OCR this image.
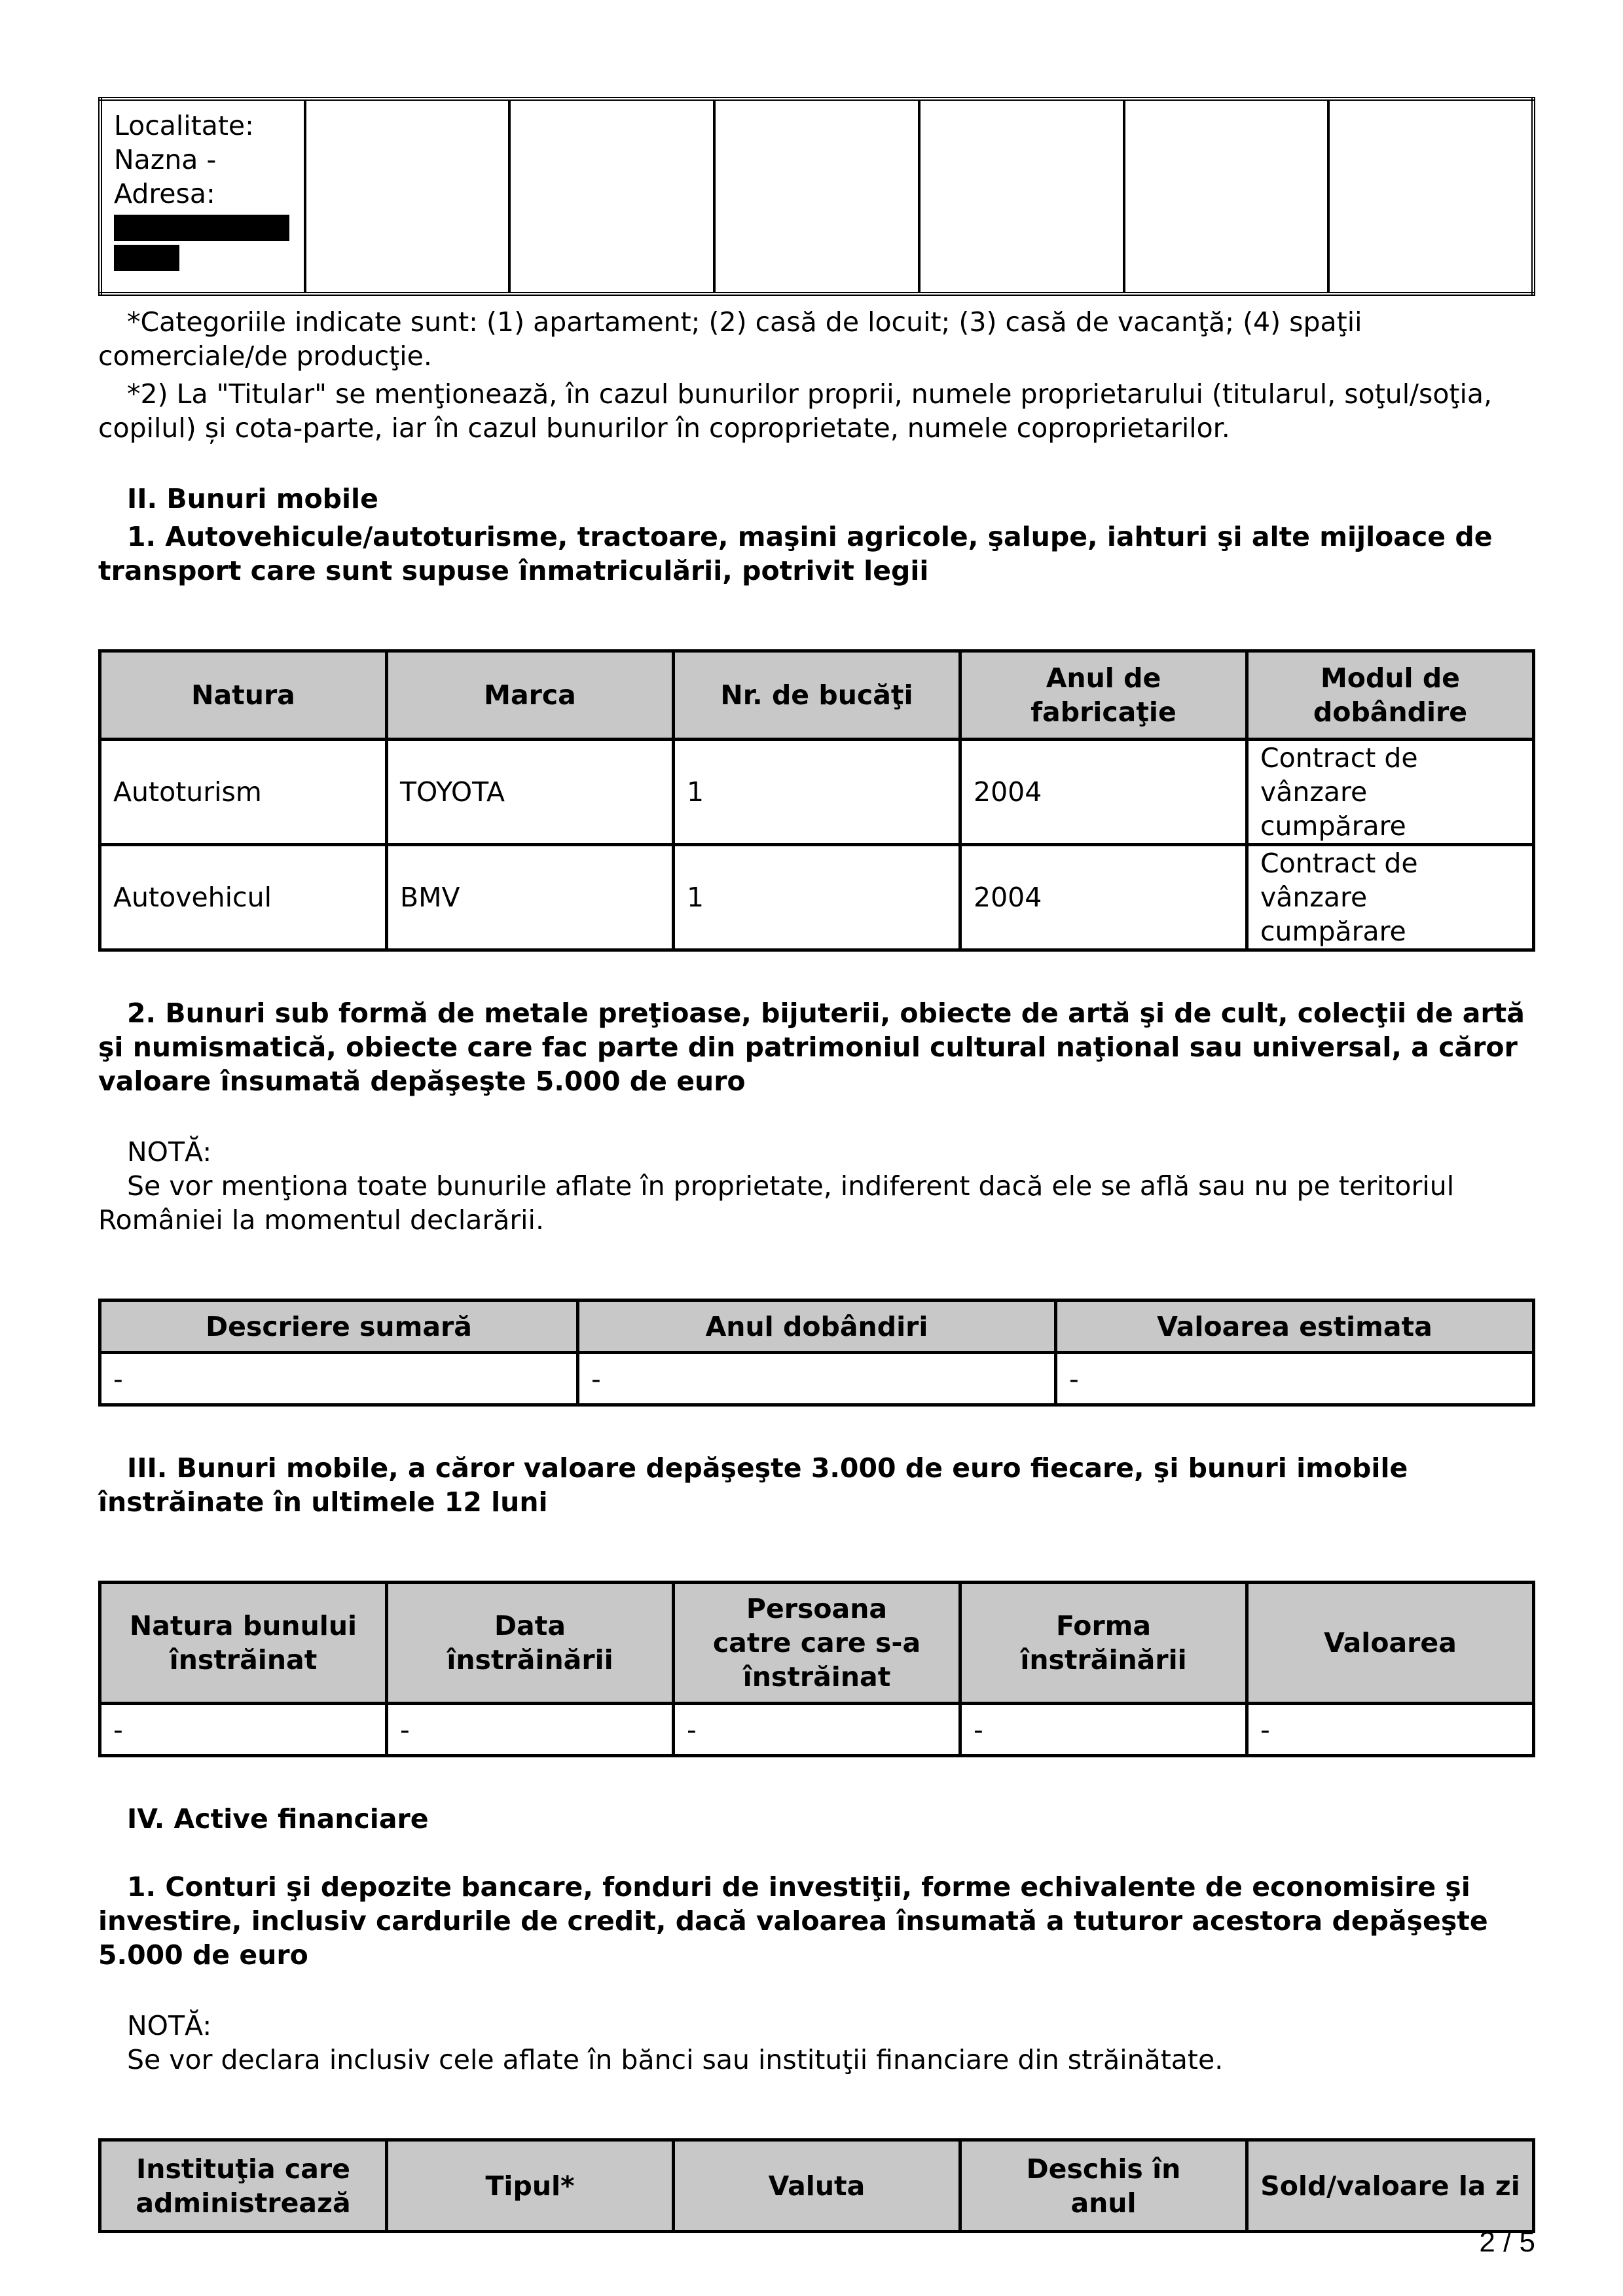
Localitate:
Nazna -
Adresa:

*Categoriile indicate sunt: (1) apartament; (2) casă de locuit; (3) casă de vacanţă; (4) spaţii comerciale/de producţie.

*2) La "Titular" se menţionează, în cazul bunurilor proprii, numele proprietarului (titularul, soţul/soţia, copilul) și cota-parte, iar în cazul bunurilor în coproprietate, numele coproprietarilor.

II. Bunuri mobile

1. Autovehicule/autoturisme, tractoare, maşini agricole, şalupe, iahturi şi alte mijloace de transport care sunt supuse înmatriculării, potrivit legii

Natura	Marca	Nr. de bucăţi	Anul de fabricaţie	Modul de dobândire
Autoturism	TOYOTA	1	2004	Contract de vânzare cumpărare
Autovehicul	BMV	1	2004	Contract de vânzare cumpărare

2. Bunuri sub formă de metale preţioase, bijuterii, obiecte de artă şi de cult, colecţii de artă şi numismatică, obiecte care fac parte din patrimoniul cultural naţional sau universal, a căror valoare însumată depăşeşte 5.000 de euro

NOTĂ:

Se vor menţiona toate bunurile aflate în proprietate, indiferent dacă ele se află sau nu pe teritoriul României la momentul declarării.

Descriere sumară	Anul dobândiri	Valoarea estimata
-	-	-

III. Bunuri mobile, a căror valoare depăşeşte 3.000 de euro fiecare, şi bunuri imobile înstrăinate în ultimele 12 luni

Natura bunului înstrăinat	Data înstrăinării	Persoana catre care s-a înstrăinat	Forma înstrăinării	Valoarea
-	-	-	-	-

IV. Active financiare

1. Conturi şi depozite bancare, fonduri de investiţii, forme echivalente de economisire şi investire, inclusiv cardurile de credit, dacă valoarea însumată a tuturor acestora depăşeşte 5.000 de euro

NOTĂ:

Se vor declara inclusiv cele aflate în bănci sau instituţii financiare din străinătate.

Instituţia care administrează	Tipul*	Valuta	Deschis în anul	Sold/valoare la zi
2 / 5
